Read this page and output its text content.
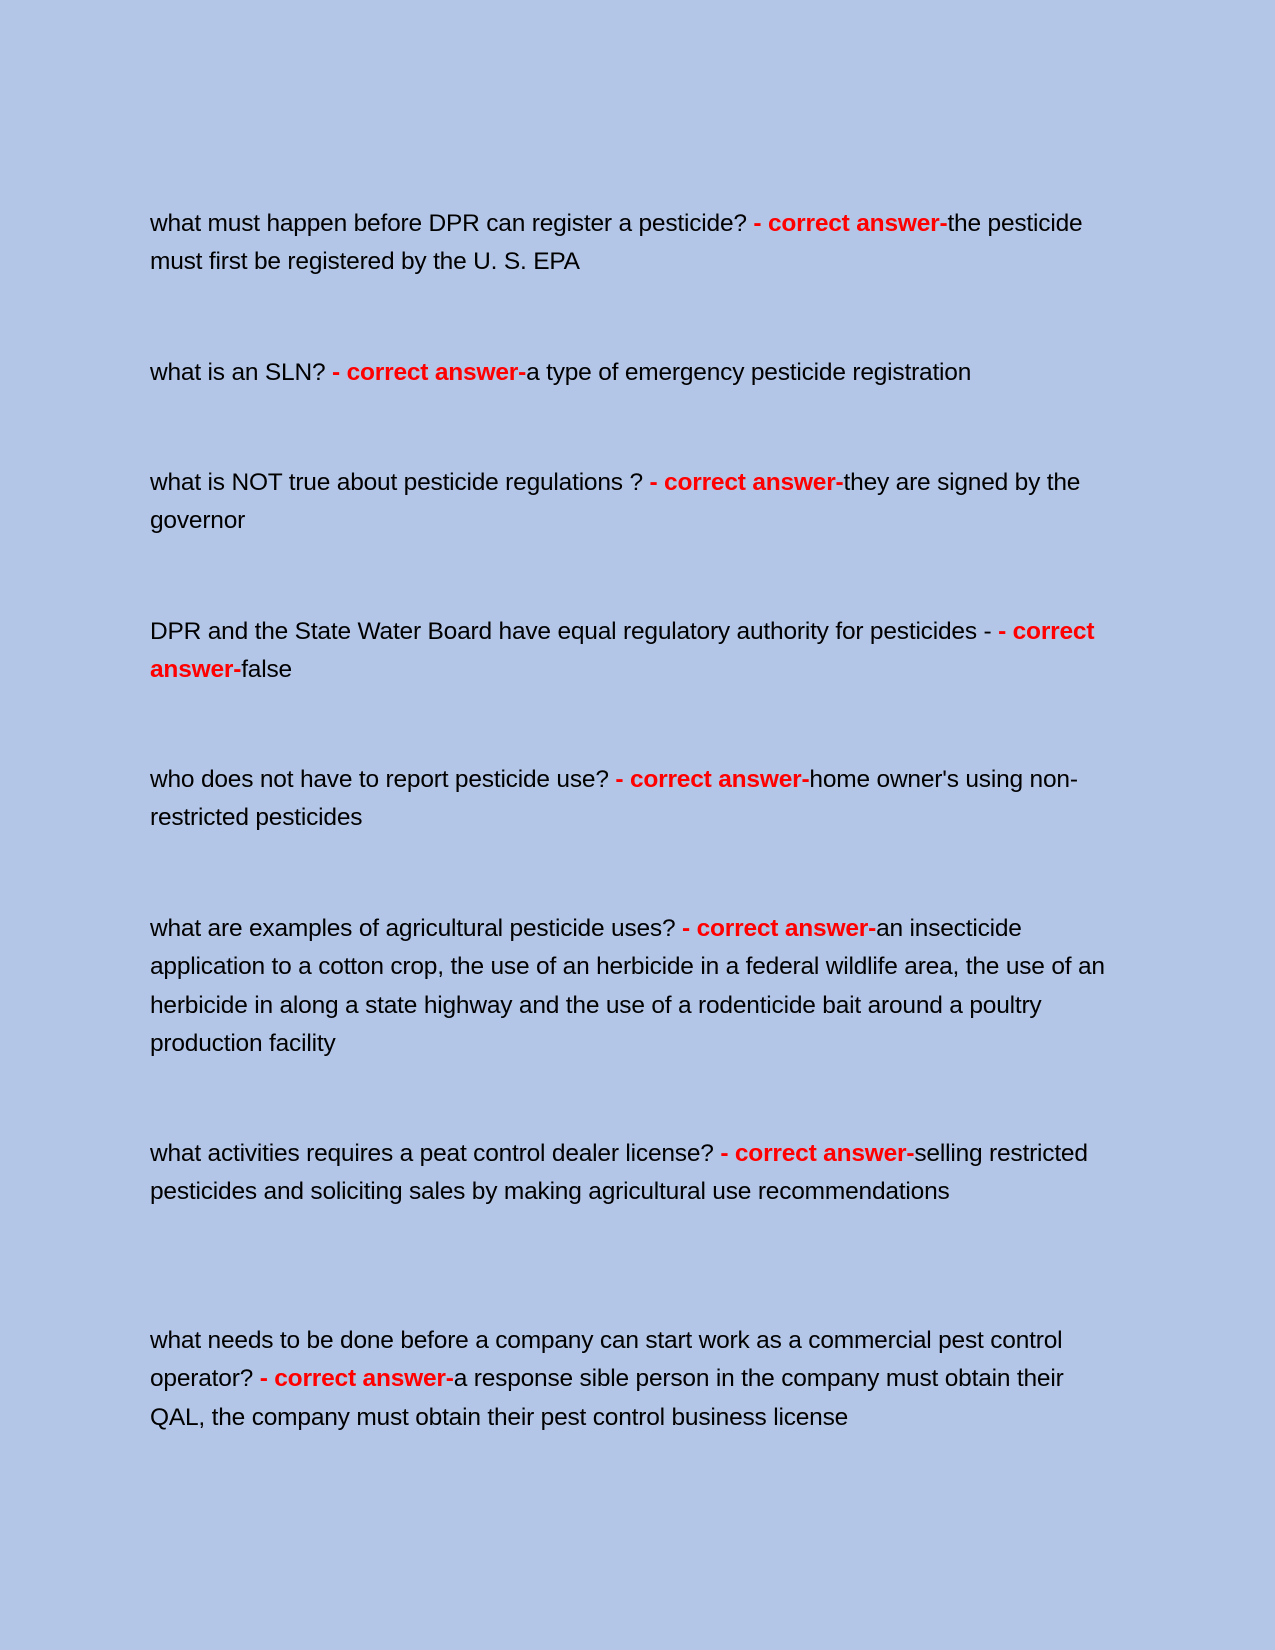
what must happen before DPR can register a pesticide? - correct answer-the pesticide must first be registered by the U. S. EPA

what is an SLN? - correct answer-a type of emergency pesticide registration

what is NOT true about pesticide regulations ? - correct answer-they are signed by the governor

DPR and the State Water Board have equal regulatory authority for pesticides - - correct answer-false

who does not have to report pesticide use? - correct answer-home owner's using non-restricted pesticides

what are examples of agricultural pesticide uses? - correct answer-an insecticide application to a cotton crop, the use of an herbicide in a federal wildlife area, the use of an herbicide in along a state highway and the use of a rodenticide bait around a poultry production facility

what activities requires a peat control dealer license? - correct answer-selling restricted pesticides and soliciting sales by making agricultural use recommendations

what needs to be done before a company can start work as a commercial pest control operator? - correct answer-a response sible person in the company must obtain their QAL, the company must obtain their pest control business license
